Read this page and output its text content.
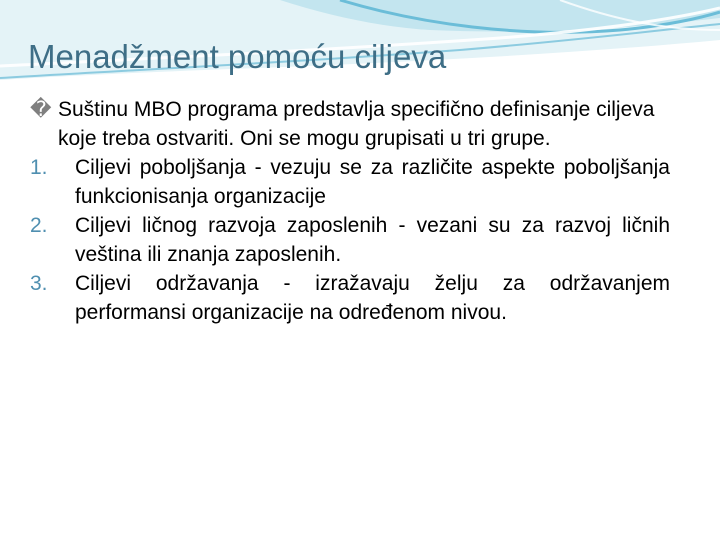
Menadžment pomoću ciljeva
� Suštinu MBO programa predstavlja specifično definisanje ciljeva koje treba ostvariti. Oni se mogu grupisati u tri grupe.
1. Ciljevi poboljšanja - vezuju se za različite aspekte poboljšanja funkcionisanja organizacije
2. Ciljevi ličnog razvoja zaposlenih - vezani su za razvoj ličnih veština ili znanja zaposlenih.
3. Ciljevi održavanja - izražavaju želju za održavanjem performansi organizacije na određenom nivou.
